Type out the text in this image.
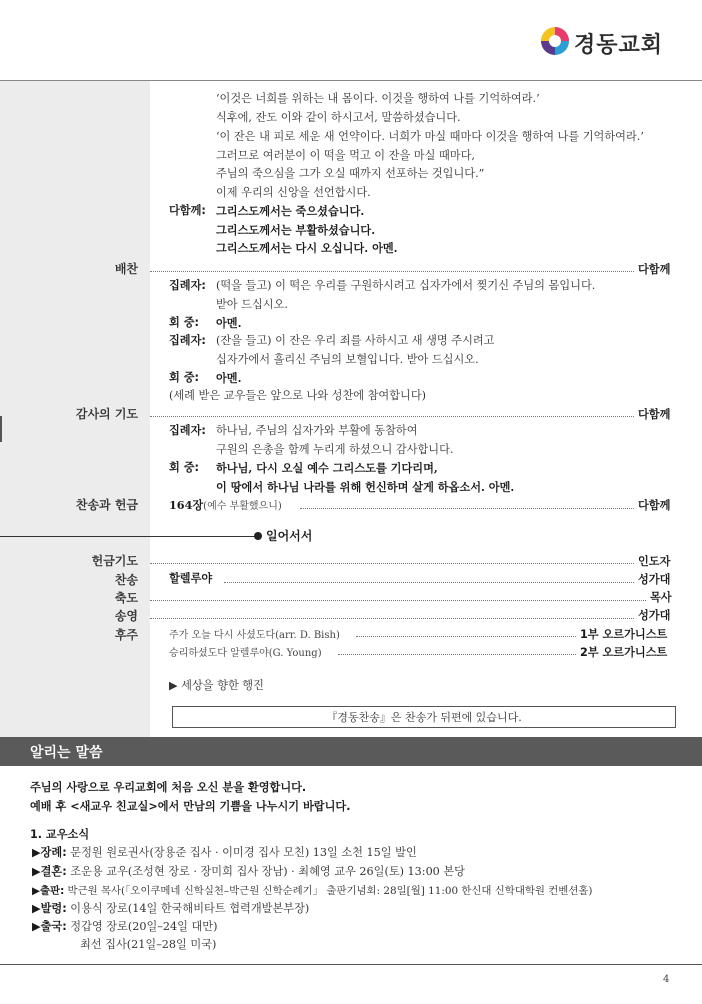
경동교회
‘이것은 너희를 위하는 내 몸이다. 이것을 행하여 나를 기억하여라.’
식후에, 잔도 이와 같이 하시고서, 말씀하셨습니다.
‘이 잔은 내 피로 세운 새 언약이다. 너희가 마실 때마다 이것을 행하여 나를 기억하여라.’
그러므로 여러분이 이 떡을 먹고 이 잔을 마실 때마다,
주님의 죽으심을 그가 오실 때까지 선포하는 것입니다.”
이제 우리의 신앙을 선언합시다.
다함께: 그리스도께서는 죽으셨습니다.
그리스도께서는 부활하셨습니다.
그리스도께서는 다시 오십니다. 아멘.
배찬	다함께
집례자: (떡을 들고) 이 떡은 우리를 구원하시려고 십자가에서 찢기신 주님의 몸입니다.
받아 드십시오.
회 중: 아멘.
집례자: (잔을 들고) 이 잔은 우리 죄를 사하시고 새 생명 주시려고
십자가에서 흘리신 주님의 보혈입니다. 받아 드십시오.
회 중: 아멘.
(세례 받은 교우들은 앞으로 나와 성찬에 참여합니다)
감사의 기도	다함께
집례자: 하나님, 주님의 십자가와 부활에 동참하여
구원의 은총을 함께 누리게 하셨으니 감사합니다.
회 중: 하나님, 다시 오실 예수 그리스도를 기다리며,
이 땅에서 하나님 나라를 위해 헌신하며 살게 하옵소서. 아멘.
찬송과 헌금	164장(예수 부활했으니)	다함께
일어서서
헌금기도	인도자
찬송	할렐루야	성가대
축도	목사
송영	성가대
후주	주가 오늘 다시 사셨도다(arr. D. Bish)	1부 오르가니스트
승리하셨도다 알렐루야(G. Young)	2부 오르가니스트
▶ 세상을 향한 행진
『경동찬송』은 찬송가 뒤편에 있습니다.
알리는 말씀
주님의 사랑으로 우리교회에 처음 오신 분을 환영합니다.
예배 후 <새교우 친교실>에서 만남의 기쁨을 나누시기 바랍니다.
1. 교우소식
▶장례: 문정원 원로권사(장용준 집사 · 이미경 집사 모친) 13일 소천 15일 발인
▶결혼: 조운용 교우(조성현 장로 · 장미희 집사 장남) · 최혜영 교우 26일(토) 13:00 본당
▶출판: 박근원 목사(「오이쿠메네 신학실천–박근원 신학순례기」 출판기념회: 28일[월] 11:00 한신대 신학대학원 컨벤션홀)
▶발령: 이용식 장로(14일 한국해비타트 협력개발본부장)
▶출국: 정갑영 장로(20일–24일 대만)
최선 집사(21일–28일 미국)
4
